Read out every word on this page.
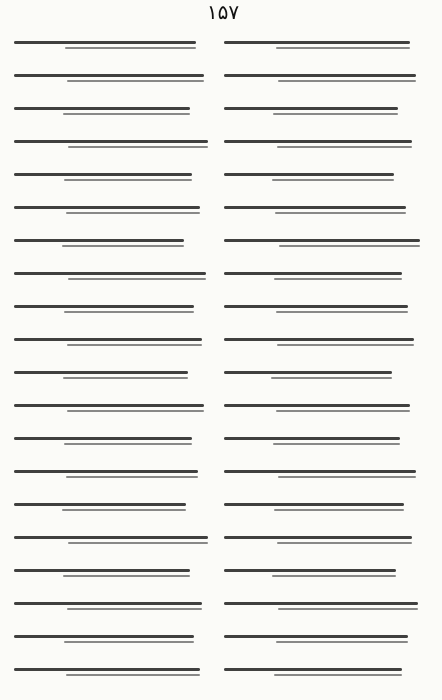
۱۵۷
